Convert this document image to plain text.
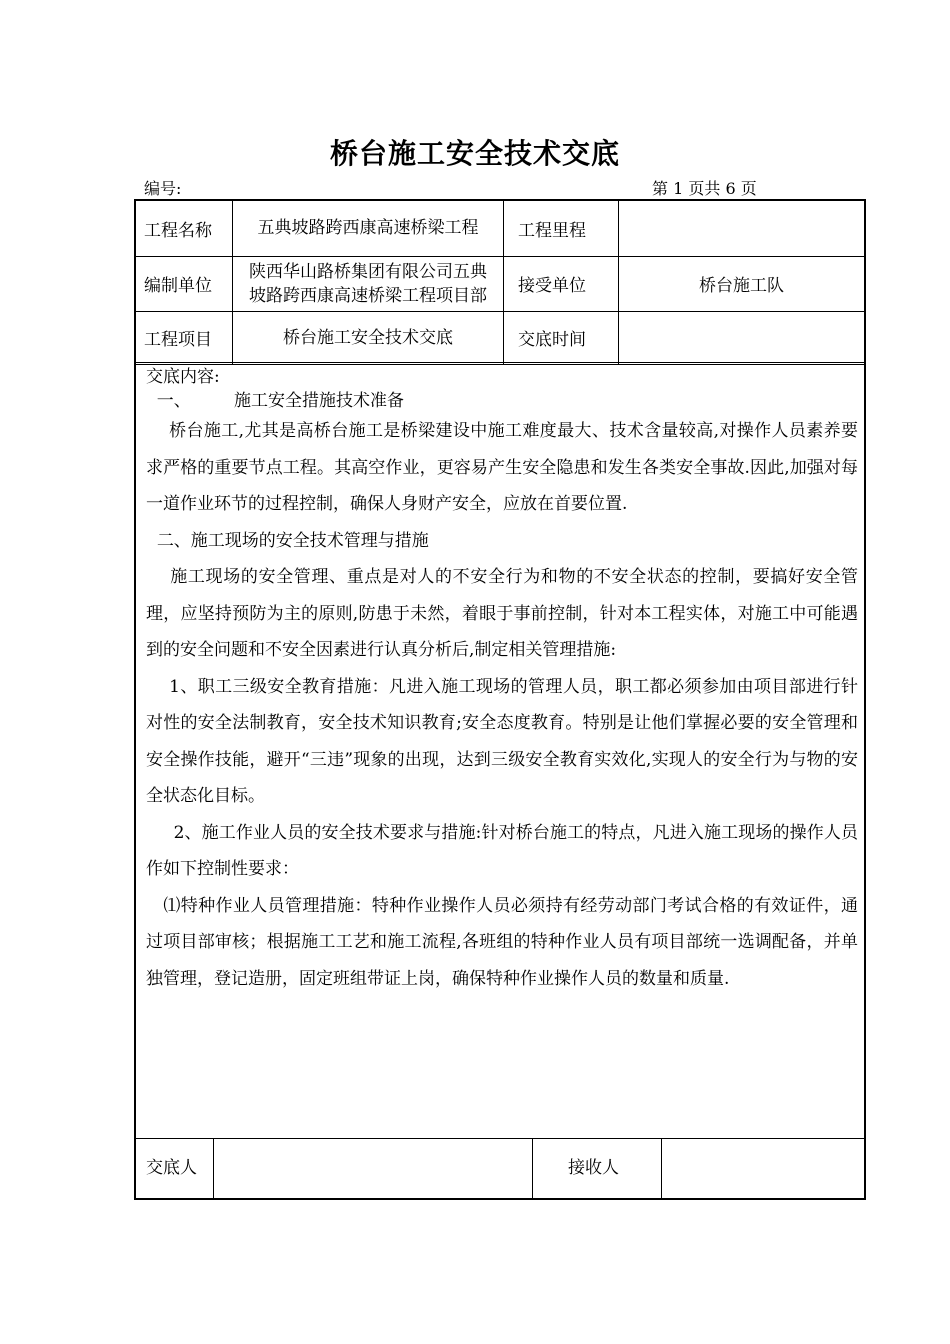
桥台施工安全技术交底
编号:	第 1 页共 6 页
工程名称	五典坡路跨西康高速桥梁工程	工程里程	
编制单位	陕西华山路桥集团有限公司五典坡路跨西康高速桥梁工程项目部	接受单位	桥台施工队
工程项目	桥台施工安全技术交底	交底时间	

交底内容:

一、        施工安全措施技术准备

桥台施工,尤其是高桥台施工是桥梁建设中施工难度最大、技术含量较高,对操作人员素养要求严格的重要节点工程。其高空作业，更容易产生安全隐患和发生各类安全事故.因此,加强对每一道作业环节的过程控制，确保人身财产安全，应放在首要位置.

二、施工现场的安全技术管理与措施

施工现场的安全管理、重点是对人的不安全行为和物的不安全状态的控制，要搞好安全管理，应坚持预防为主的原则,防患于未然，着眼于事前控制，针对本工程实体，对施工中可能遇到的安全问题和不安全因素进行认真分析后,制定相关管理措施:

1、职工三级安全教育措施：凡进入施工现场的管理人员，职工都必须参加由项目部进行针对性的安全法制教育，安全技术知识教育;安全态度教育。特别是让他们掌握必要的安全管理和安全操作技能，避开“三违”现象的出现，达到三级安全教育实效化,实现人的安全行为与物的安全状态化目标。

2、施工作业人员的安全技术要求与措施:针对桥台施工的特点，凡进入施工现场的操作人员作如下控制性要求：

⑴特种作业人员管理措施：特种作业操作人员必须持有经劳动部门考试合格的有效证件，通过项目部审核；根据施工工艺和施工流程,各班组的特种作业人员有项目部统一选调配备，并单独管理，登记造册，固定班组带证上岗，确保特种作业操作人员的数量和质量.

交底人	接收人
